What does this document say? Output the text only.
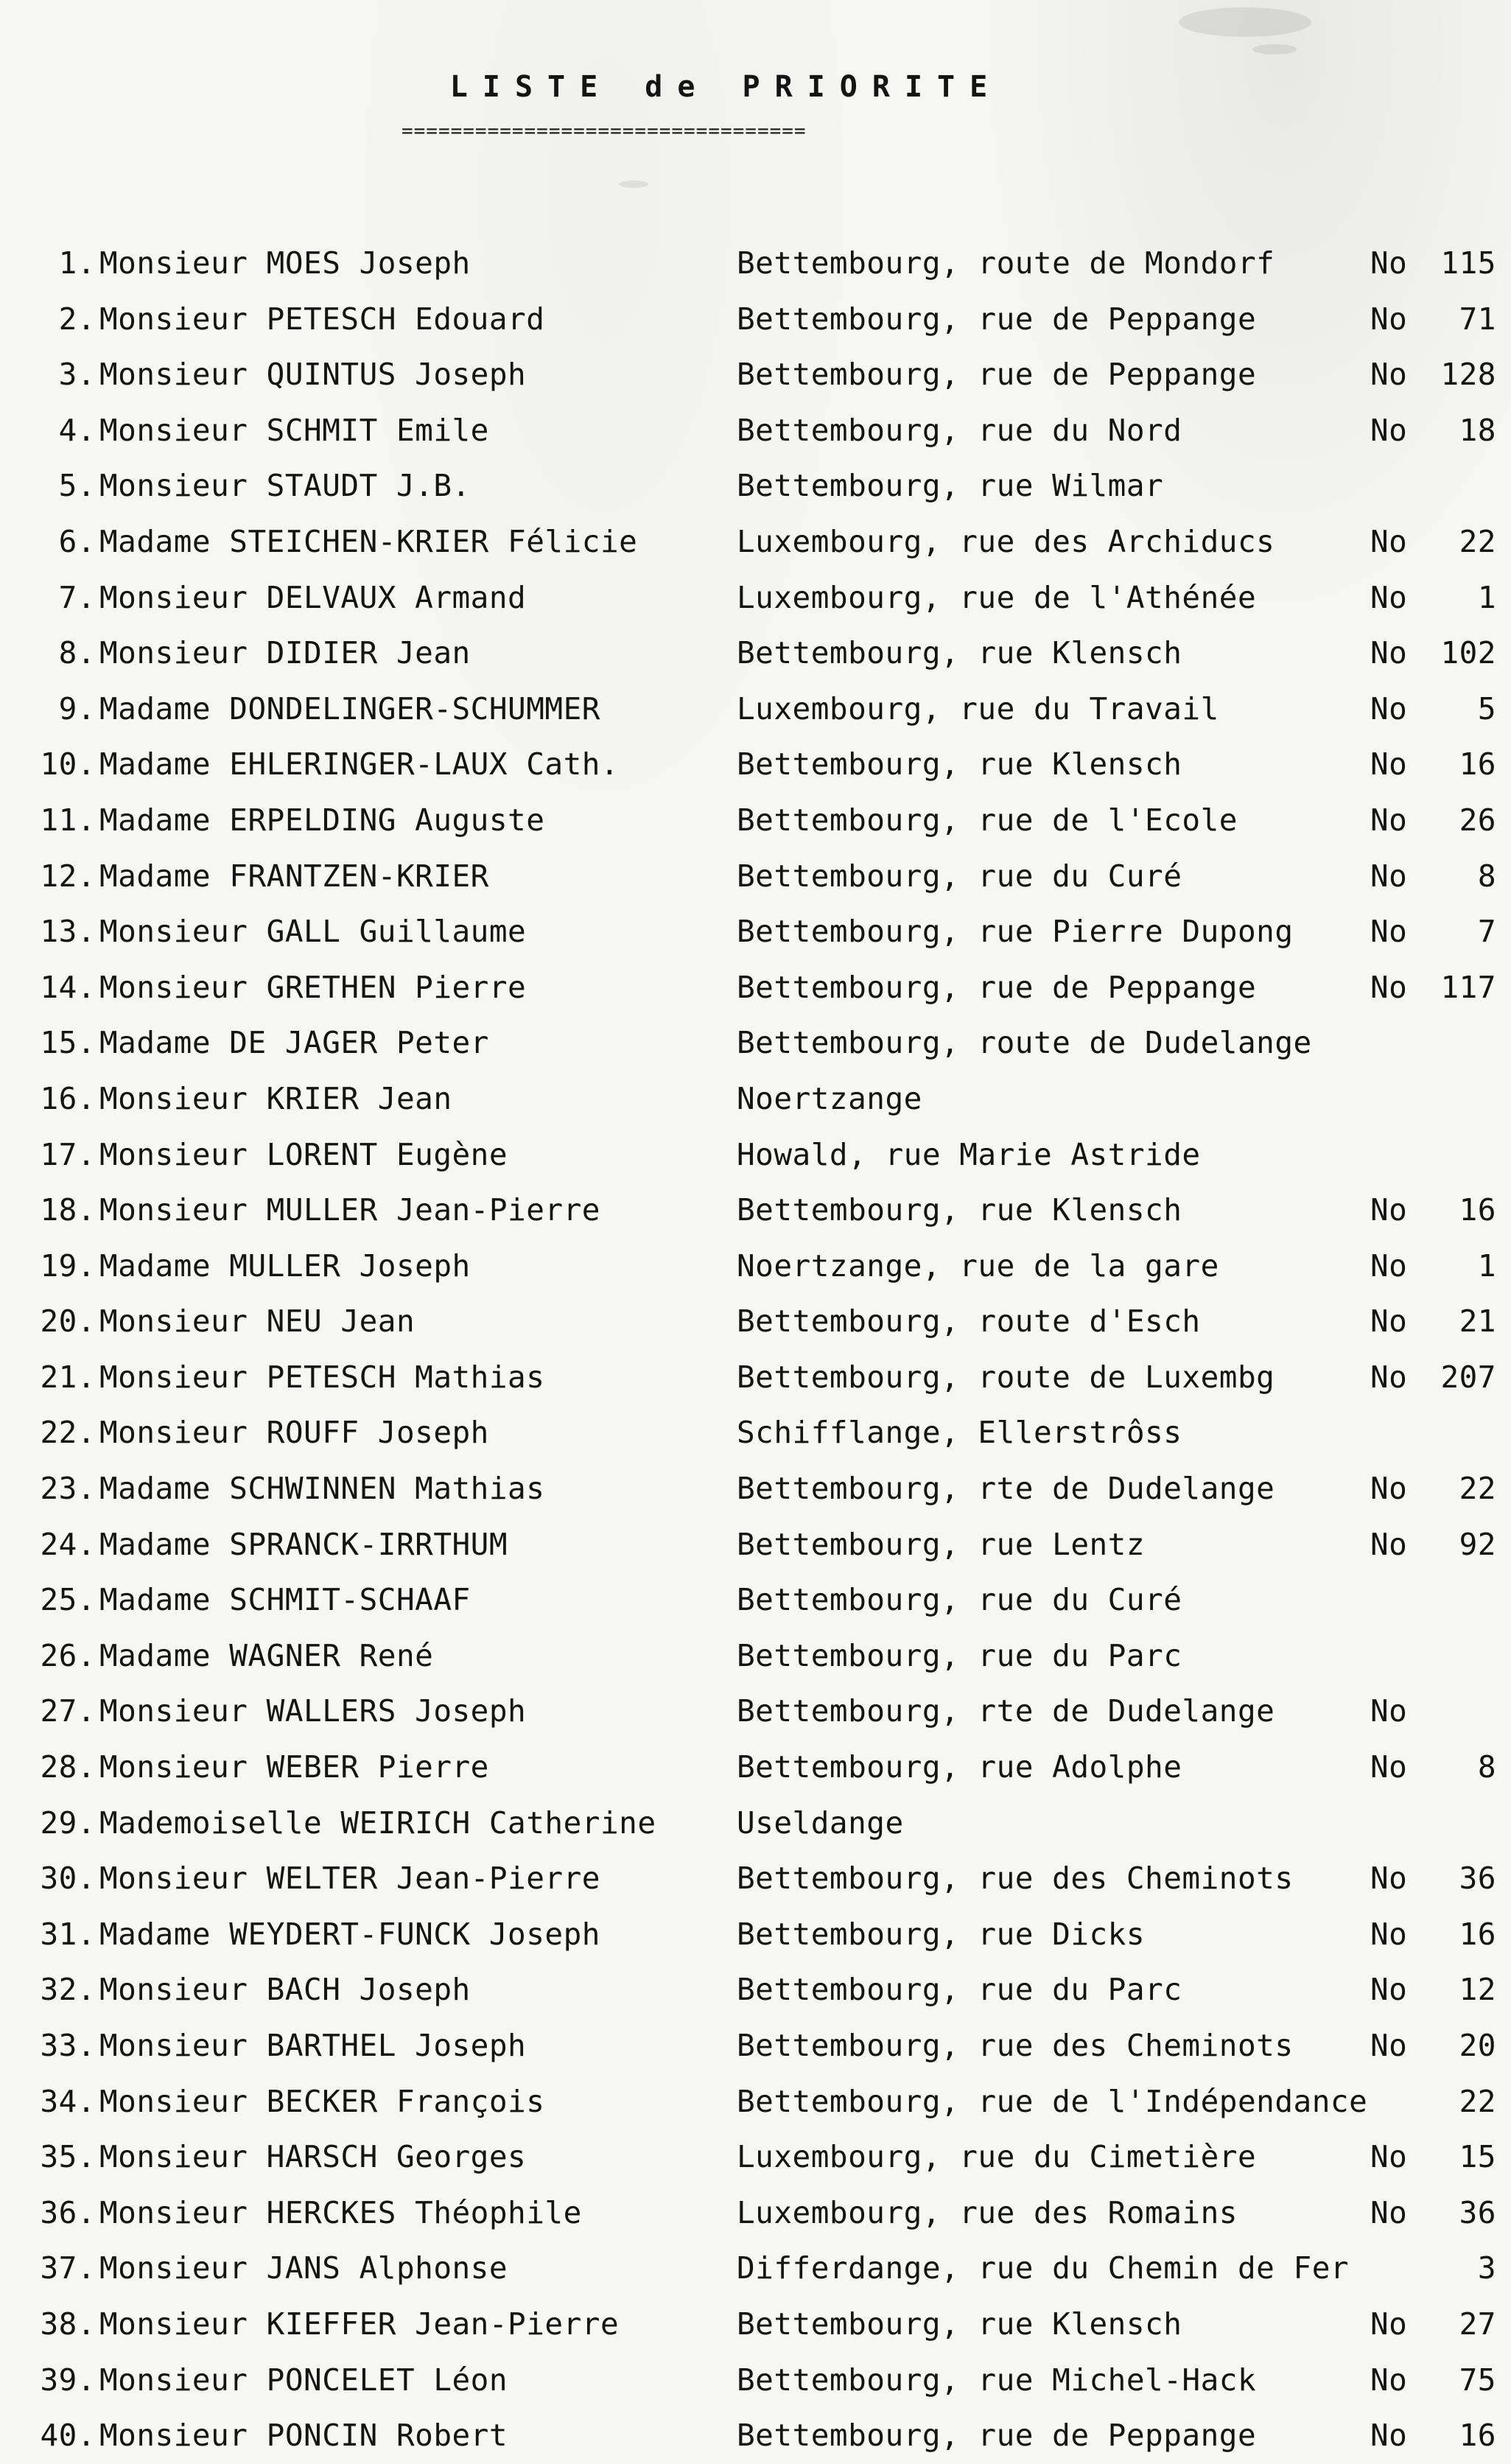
LISTE de PRIORITE
=================================
1. Monsieur MOES Joseph	Bettembourg, route de Mondorf	No 115
2. Monsieur PETESCH Edouard	Bettembourg, rue de Peppange	No 71
3. Monsieur QUINTUS Joseph	Bettembourg, rue de Peppange	No 128
4. Monsieur SCHMIT Emile	Bettembourg, rue du Nord	No 18
5. Monsieur STAUDT J.B.	Bettembourg, rue Wilmar
6. Madame STEICHEN-KRIER Félicie	Luxembourg, rue des Archiducs	No 22
7. Monsieur DELVAUX Armand	Luxembourg, rue de l'Athénée	No 1
8. Monsieur DIDIER Jean	Bettembourg, rue Klensch	No 102
9. Madame DONDELINGER-SCHUMMER	Luxembourg, rue du Travail	No 5
10. Madame EHLERINGER-LAUX Cath.	Bettembourg, rue Klensch	No 16
11. Madame ERPELDING Auguste	Bettembourg, rue de l'Ecole	No 26
12. Madame FRANTZEN-KRIER	Bettembourg, rue du Curé	No 8
13. Monsieur GALL Guillaume	Bettembourg, rue Pierre Dupong	No 7
14. Monsieur GRETHEN Pierre	Bettembourg, rue de Peppange	No 117
15. Madame DE JAGER Peter	Bettembourg, route de Dudelange
16. Monsieur KRIER Jean	Noertzange
17. Monsieur LORENT Eugène	Howald, rue Marie Astride
18. Monsieur MULLER Jean-Pierre	Bettembourg, rue Klensch	No 16
19. Madame MULLER Joseph	Noertzange, rue de la gare	No 1
20. Monsieur NEU Jean	Bettembourg, route d'Esch	No 21
21. Monsieur PETESCH Mathias	Bettembourg, route de Luxembg	No 207
22. Monsieur ROUFF Joseph	Schifflange, Ellerstrôss
23. Madame SCHWINNEN Mathias	Bettembourg, rte de Dudelange	No 22
24. Madame SPRANCK-IRRTHUM	Bettembourg, rue Lentz	No 92
25. Madame SCHMIT-SCHAAF	Bettembourg, rue du Curé
26. Madame WAGNER René	Bettembourg, rue du Parc
27. Monsieur WALLERS Joseph	Bettembourg, rte de Dudelange	No
28. Monsieur WEBER Pierre	Bettembourg, rue Adolphe	No 8
29. Mademoiselle WEIRICH Catherine	Useldange
30. Monsieur WELTER Jean-Pierre	Bettembourg, rue des Cheminots	No 36
31. Madame WEYDERT-FUNCK Joseph	Bettembourg, rue Dicks	No 16
32. Monsieur BACH Joseph	Bettembourg, rue du Parc	No 12
33. Monsieur BARTHEL Joseph	Bettembourg, rue des Cheminots	No 20
34. Monsieur BECKER François	Bettembourg, rue de l'Indépendance	22
35. Monsieur HARSCH Georges	Luxembourg, rue du Cimetière	No 15
36. Monsieur HERCKES Théophile	Luxembourg, rue des Romains	No 36
37. Monsieur JANS Alphonse	Differdange, rue du Chemin de Fer	3
38. Monsieur KIEFFER Jean-Pierre	Bettembourg, rue Klensch	No 27
39. Monsieur PONCELET Léon	Bettembourg, rue Michel-Hack	No 75
40. Monsieur PONCIN Robert	Bettembourg, rue de Peppange	No 16
